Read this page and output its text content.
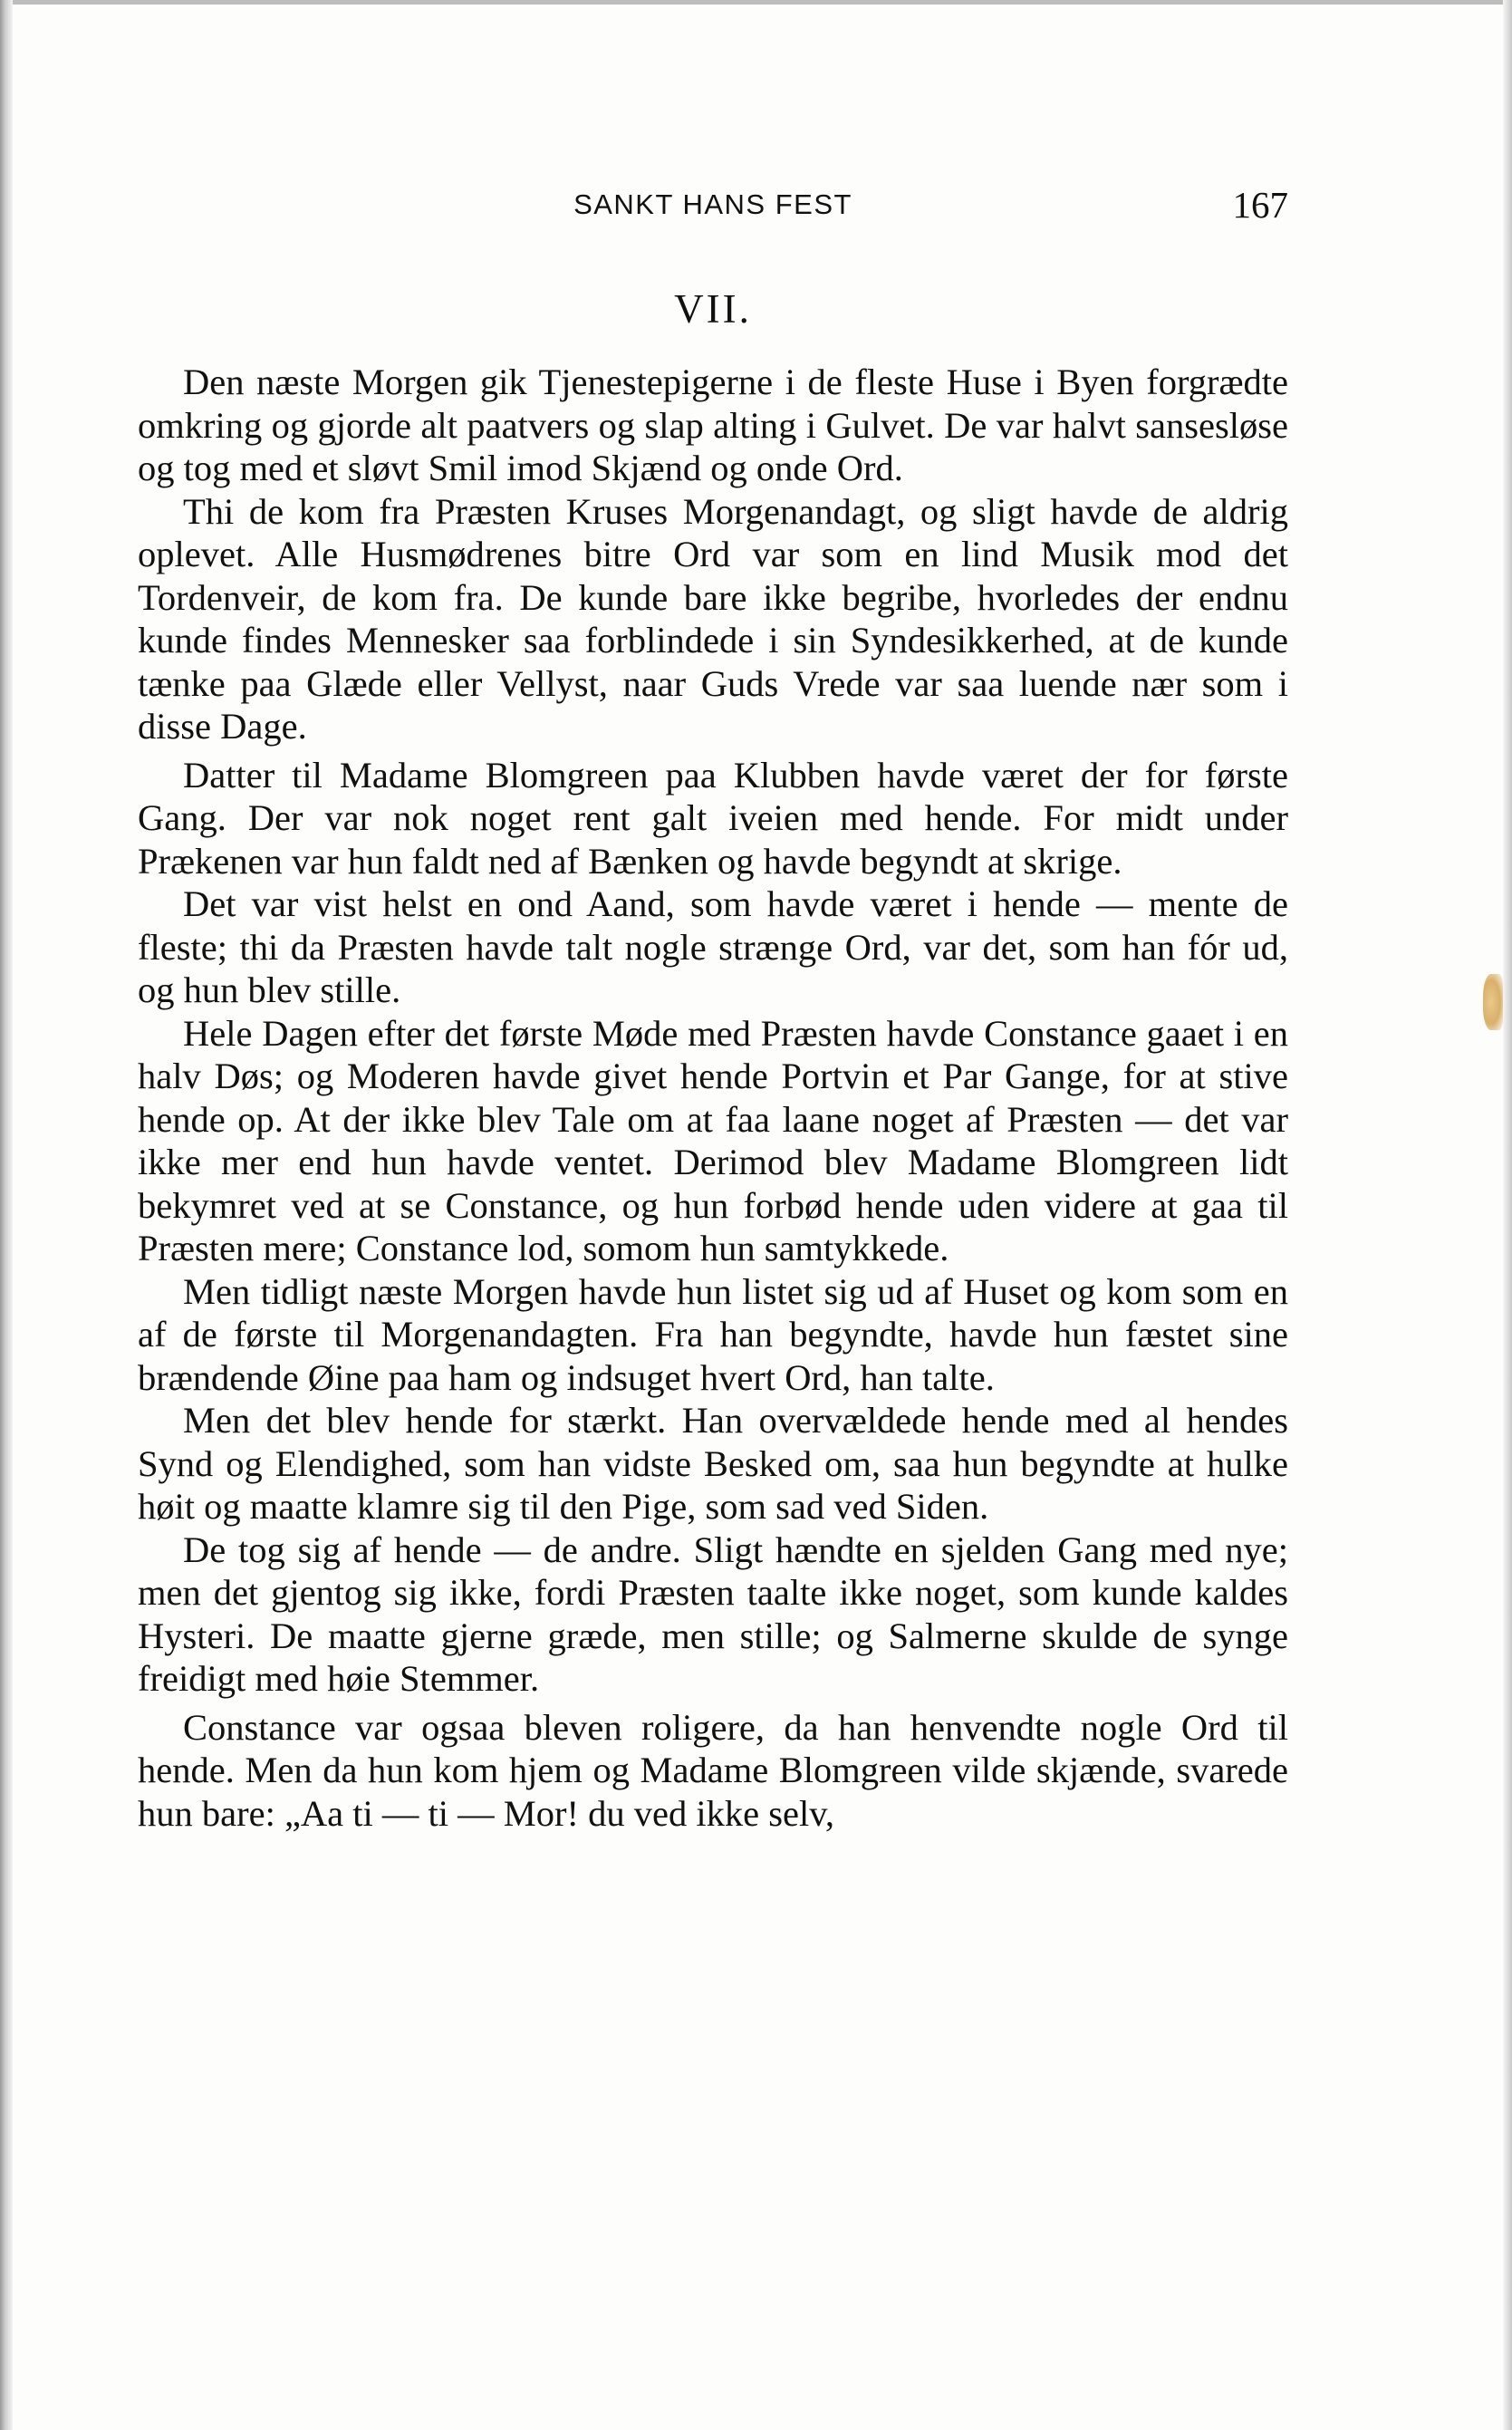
SANKT HANS FEST	167
VII.

Den næste Morgen gik Tjenestepigerne i de fleste Huse i Byen forgrædte omkring og gjorde alt paatvers og slap alting i Gulvet. De var halvt sansesløse og tog med et sløvt Smil imod Skjænd og onde Ord.

Thi de kom fra Præsten Kruses Morgenandagt, og sligt havde de aldrig oplevet. Alle Husmødrenes bitre Ord var som en lind Musik mod det Tordenveir, de kom fra. De kunde bare ikke begribe, hvorledes der endnu kunde findes Mennesker saa forblindede i sin Syndesikkerhed, at de kunde tænke paa Glæde eller Vellyst, naar Guds Vrede var saa luende nær som i disse Dage.

Datter til Madame Blomgreen paa Klubben havde været der for første Gang. Der var nok noget rent galt iveien med hende. For midt under Prækenen var hun faldt ned af Bænken og havde begyndt at skrige.

Det var vist helst en ond Aand, som havde været i hende — mente de fleste; thi da Præsten havde talt nogle strænge Ord, var det, som han fór ud, og hun blev stille.

Hele Dagen efter det første Møde med Præsten havde Constance gaaet i en halv Døs; og Moderen havde givet hende Portvin et Par Gange, for at stive hende op. At der ikke blev Tale om at faa laane noget af Præsten — det var ikke mer end hun havde ventet. Derimod blev Madame Blomgreen lidt bekymret ved at se Constance, og hun forbød hende uden videre at gaa til Præsten mere; Constance lod, somom hun samtykkede.

Men tidligt næste Morgen havde hun listet sig ud af Huset og kom som en af de første til Morgenandagten. Fra han begyndte, havde hun fæstet sine brændende Øine paa ham og indsuget hvert Ord, han talte.

Men det blev hende for stærkt. Han overvældede hende med al hendes Synd og Elendighed, som han vidste Besked om, saa hun begyndte at hulke høit og maatte klamre sig til den Pige, som sad ved Siden.

De tog sig af hende — de andre. Sligt hændte en sjelden Gang med nye; men det gjentog sig ikke, fordi Præsten taalte ikke noget, som kunde kaldes Hysteri. De maatte gjerne græde, men stille; og Salmerne skulde de synge freidigt med høie Stemmer.

Constance var ogsaa bleven roligere, da han henvendte nogle Ord til hende. Men da hun kom hjem og Madame Blomgreen vilde skjænde, svarede hun bare: „Aa ti — ti — Mor! du ved ikke selv,
